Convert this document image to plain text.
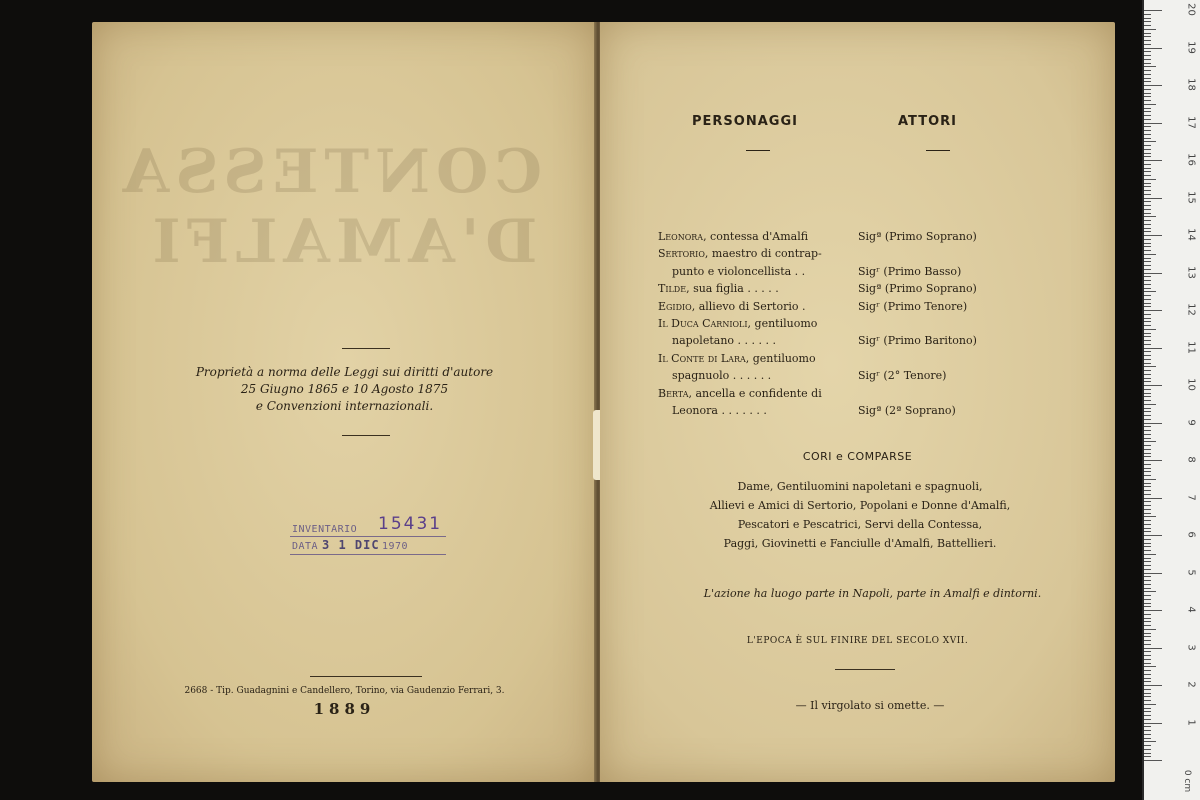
CONTESSA D'AMALFI
Proprietà a norma delle Leggi sui diritti d'autore
25 Giugno 1865 e 10 Agosto 1875
e Convenzioni internazionali.
INVENTARIO 15431
DATA 3 1 DIC 1970
2668 - Tip. Guadagnini e Candellero, Torino, via Gaudenzio Ferrari, 3.
1889
PERSONAGGI	ATTORI
Leonora, contessa d'Amalfi	Sigª (Primo Soprano)
Sertorio, maestro di contrap-	
punto e violoncellista . .	Sigʳ (Primo Basso)
Tilde, sua figlia . . . . .	Sigª (Primo Soprano)
Egidio, allievo di Sertorio .	Sigʳ (Primo Tenore)
Il Duca Carnioli, gentiluomo	
napoletano . . . . . .	Sigʳ (Primo Baritono)
Il Conte di Lara, gentiluomo	
spagnuolo . . . . . .	Sigʳ (2° Tenore)
Berta, ancella e confidente di	
Leonora . . . . . . .	Sigª (2ª Soprano)
CORI e COMPARSE
Dame, Gentiluomini napoletani e spagnuoli,
Allievi e Amici di Sertorio, Popolani e Donne d'Amalfi,
Pescatori e Pescatrici, Servi della Contessa,
Paggi, Giovinetti e Fanciulle d'Amalfi, Battellieri.
L'azione ha luogo parte in Napoli, parte in Amalfi e dintorni.
L'EPOCA È SUL FINIRE DEL SECOLO XVII.
— Il virgolato si omette. —
0 cm
1
2
3
4
5
6
7
8
9
10
11
12
13
14
15
16
17
18
19
20
